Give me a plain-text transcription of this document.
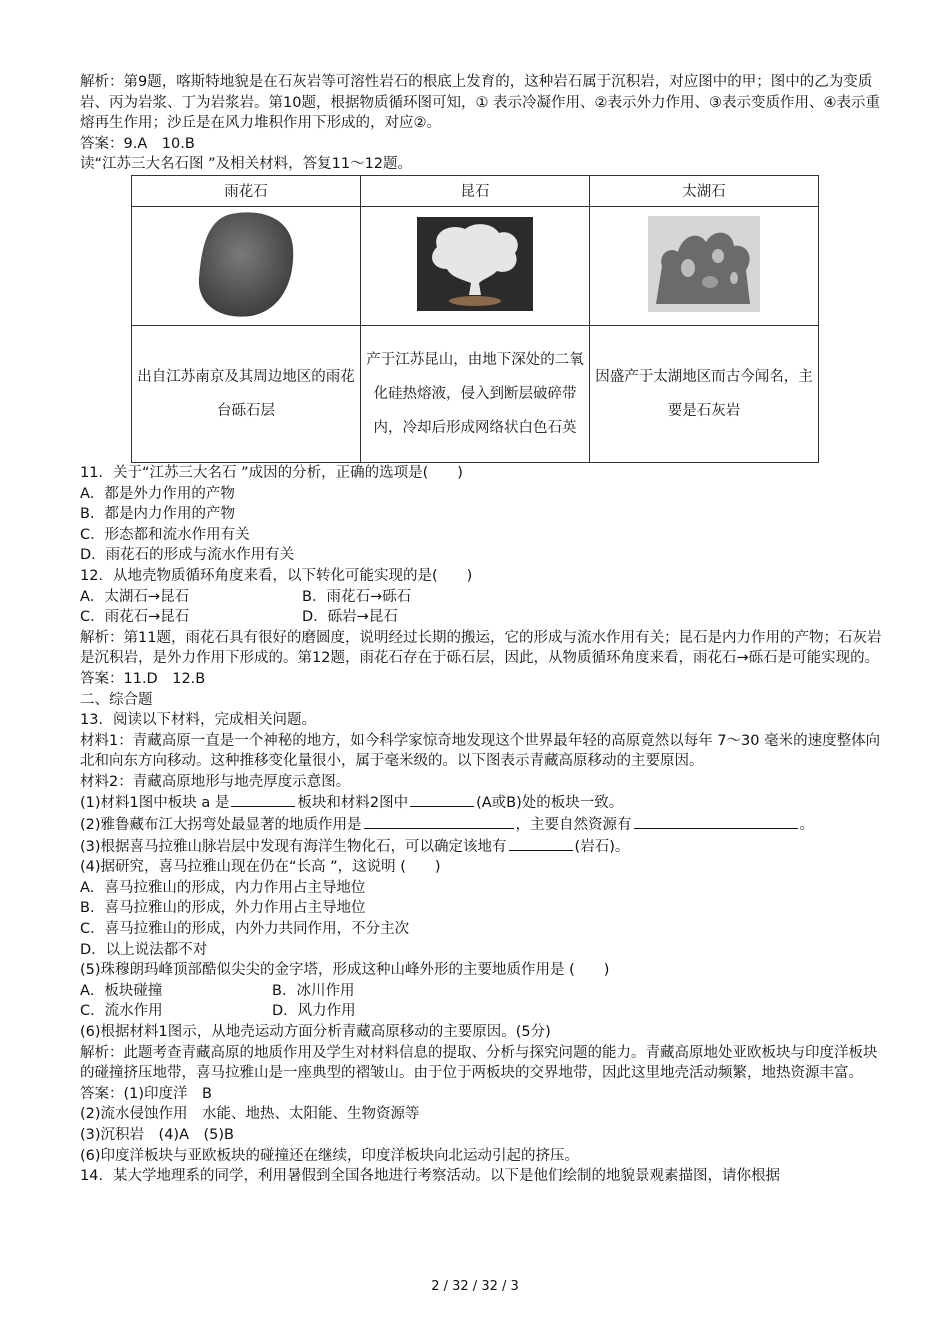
解析：第9题，喀斯特地貌是在石灰岩等可溶性岩石的根底上发育的，这种岩石属于沉积岩，对应图中的甲；图中的乙为变质岩、丙为岩浆、丁为岩浆岩。第10题，根据物质循环图可知，① 表示冷凝作用、②表示外力作用、③表示变质作用、④表示重熔再生作用；沙丘是在风力堆积作用下形成的，对应②。

答案：9.A　10.B

读“江苏三大名石图 ”及相关材料，答复11～12题。

雨花石	昆石	太湖石

出自江苏南京及其周边地区的雨花台砾石层	产于江苏昆山，由地下深处的二氧化硅热熔液，侵入到断层破碎带内，冷却后形成网络状白色石英	因盛产于太湖地区而古今闻名，主要是石灰岩

11．关于“江苏三大名石 ”成因的分析，正确的选项是(　　)

A．都是外力作用的产物

B．都是内力作用的产物

C．形态都和流水作用有关

D．雨花石的形成与流水作用有关

12．从地壳物质循环角度来看，以下转化可能实现的是(　　)

A．太湖石→昆石	B．雨花石→砾石

C．雨花石→昆石	D．砾岩→昆石

解析：第11题，雨花石具有很好的磨圆度，说明经过长期的搬运，它的形成与流水作用有关；昆石是内力作用的产物；石灰岩是沉积岩，是外力作用下形成的。第12题，雨花石存在于砾石层，因此，从物质循环角度来看，雨花石→砾石是可能实现的。

答案：11.D　12.B

二、综合题

13．阅读以下材料，完成相关问题。

材料1：青藏高原一直是一个神秘的地方，如今科学家惊奇地发现这个世界最年轻的高原竟然以每年 7～30 毫米的速度整体向北和向东方向移动。这种推移变化量很小，属于毫米级的。以下图表示青藏高原移动的主要原因。

材料2：青藏高原地形与地壳厚度示意图。

(1)材料1图中板块 a 是	板块和材料2图中	(A或B)处的板块一致。

(2)雅鲁藏布江大拐弯处最显著的地质作用是	，主要自然资源有	。

(3)根据喜马拉雅山脉岩层中发现有海洋生物化石，可以确定该地有	(岩石)。

(4)据研究，喜马拉雅山现在仍在“长高 ”，这说明 (　　)

A．喜马拉雅山的形成，内力作用占主导地位

B．喜马拉雅山的形成，外力作用占主导地位

C．喜马拉雅山的形成，内外力共同作用，不分主次

D．以上说法都不对

(5)珠穆朗玛峰顶部酷似尖尖的金字塔，形成这种山峰外形的主要地质作用是 (　　)

A．板块碰撞	B．冰川作用

C．流水作用	D．风力作用

(6)根据材料1图示，从地壳运动方面分析青藏高原移动的主要原因。(5分)

解析：此题考查青藏高原的地质作用及学生对材料信息的提取、分析与探究问题的能力。青藏高原地处亚欧板块与印度洋板块的碰撞挤压地带，喜马拉雅山是一座典型的褶皱山。由于位于两板块的交界地带，因此这里地壳活动频繁，地热资源丰富。

答案：(1)印度洋　B

(2)流水侵蚀作用　水能、地热、太阳能、生物资源等

(3)沉积岩　(4)A　(5)B

(6)印度洋板块与亚欧板块的碰撞还在继续，印度洋板块向北运动引起的挤压。

14．某大学地理系的同学，利用暑假到全国各地进行考察活动。以下是他们绘制的地貌景观素描图，请你根据

2 / 32 / 32 / 3
